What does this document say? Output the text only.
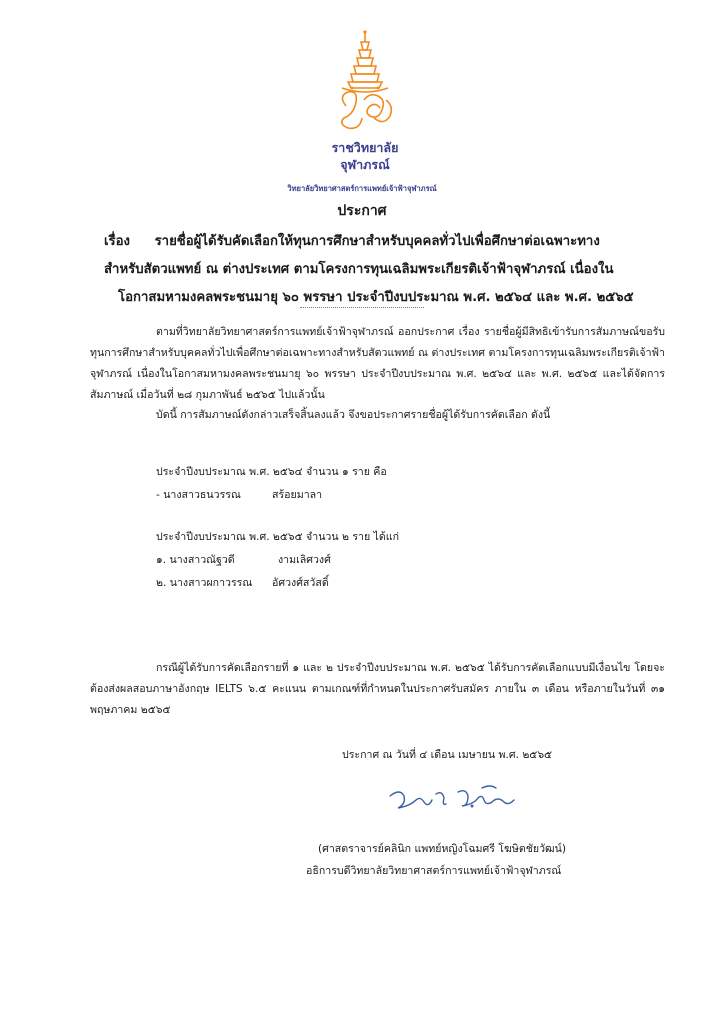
ราชวิทยาลัย
จุฬาภรณ์
วิทยาลัยวิทยาศาสตร์การแพทย์เจ้าฟ้าจุฬาภรณ์
ประกาศ
เรื่อง รายชื่อผู้ได้รับคัดเลือกให้ทุนการศึกษาสำหรับบุคคลทั่วไปเพื่อศึกษาต่อเฉพาะทาง
สำหรับสัตวแพทย์ ณ ต่างประเทศ ตามโครงการทุนเฉลิมพระเกียรติเจ้าฟ้าจุฬาภรณ์ เนื่องใน
โอกาสมหามงคลพระชนมายุ ๖๐ พรรษา ประจำปีงบประมาณ พ.ศ. ๒๕๖๔ และ พ.ศ. ๒๕๖๕
ตามที่วิทยาลัยวิทยาศาสตร์การแพทย์เจ้าฟ้าจุฬาภรณ์ ออกประกาศ เรื่อง รายชื่อผู้มีสิทธิเข้ารับการสัมภาษณ์ขอรับทุนการศึกษาสำหรับบุคคลทั่วไปเพื่อศึกษาต่อเฉพาะทางสำหรับสัตวแพทย์ ณ ต่างประเทศ ตามโครงการทุนเฉลิมพระเกียรติเจ้าฟ้าจุฬาภรณ์ เนื่องในโอกาสมหามงคลพระชนมายุ ๖๐ พรรษา ประจำปีงบประมาณ พ.ศ. ๒๕๖๔ และ พ.ศ. ๒๕๖๕ และได้จัดการสัมภาษณ์ เมื่อวันที่ ๒๘ กุมภาพันธ์ ๒๕๖๕ ไปแล้วนั้น
บัดนี้ การสัมภาษณ์ดังกล่าวเสร็จสิ้นลงแล้ว จึงขอประกาศรายชื่อผู้ได้รับการคัดเลือก ดังนี้
ประจำปีงบประมาณ พ.ศ. ๒๕๖๔ จำนวน ๑ ราย คือ
- นางสาวธนวรรณ	สร้อยมาลา
ประจำปีงบประมาณ พ.ศ. ๒๕๖๕ จำนวน ๒ ราย ได้แก่
๑. นางสาวณัฐวดี	งามเลิศวงศ์
๒. นางสาวผกาวรรณ อัศวงศ์สวัสดิ์
กรณีผู้ได้รับการคัดเลือกรายที่ ๑ และ ๒ ประจำปีงบประมาณ พ.ศ. ๒๕๖๕ ได้รับการคัดเลือกแบบมีเงื่อนไข โดยจะต้องส่งผลสอบภาษาอังกฤษ IELTS ๖.๕ คะแนน ตามเกณฑ์ที่กำหนดในประกาศรับสมัคร ภายใน ๓ เดือน หรือภายในวันที่ ๓๑ พฤษภาคม ๒๕๖๕
ประกาศ ณ วันที่ ๔ เดือน เมษายน พ.ศ. ๒๕๖๕
(ศาสตราจารย์คลินิก แพทย์หญิงโฉมศรี โฆษิตชัยวัฒน์)
อธิการบดีวิทยาลัยวิทยาศาสตร์การแพทย์เจ้าฟ้าจุฬาภรณ์
